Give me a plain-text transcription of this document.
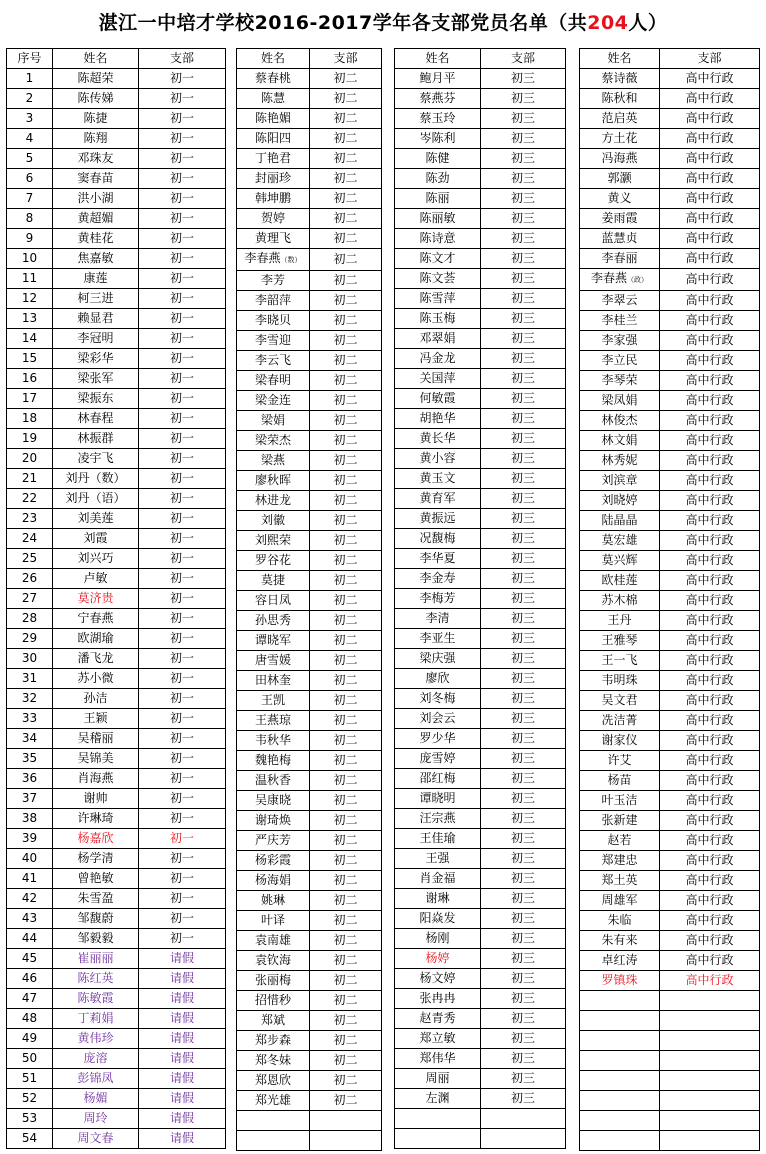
湛江一中培才学校2016-2017学年各支部党员名单（共204人）
序号	姓名	支部
1	陈超荣	初一
2	陈传娣	初一
3	陈捷	初一
4	陈翔	初一
5	邓珠友	初一
6	窦春苗	初一
7	洪小湖	初一
8	黄超媚	初一
9	黄桂花	初一
10	焦嘉敏	初一
11	康莲	初一
12	柯三进	初一
13	赖显君	初一
14	李冠明	初一
15	梁彩华	初一
16	梁张军	初一
17	梁振东	初一
18	林春程	初一
19	林振群	初一
20	凌宇飞	初一
21	刘丹（数）	初一
22	刘丹（语）	初一
23	刘美莲	初一
24	刘霞	初一
25	刘兴巧	初一
26	卢敏	初一
27	莫济贵	初一
28	宁春燕	初一
29	欧湖瑜	初一
30	潘飞龙	初一
31	苏小微	初一
32	孙洁	初一
33	王颖	初一
34	吴稽丽	初一
35	吴锦美	初一
36	肖海燕	初一
37	谢帅	初一
38	许琳琦	初一
39	杨嘉欣	初一
40	杨学清	初一
41	曾艳敏	初一
42	朱雪盈	初一
43	邹馥蔚	初一
44	邹毅毅	初一
45	崔丽丽	请假
46	陈红英	请假
47	陈敏霞	请假
48	丁莉娟	请假
49	黄伟珍	请假
50	庞溶	请假
51	彭锦凤	请假
52	杨媚	请假
53	周玲	请假
54	周文春	请假
姓名	支部
蔡春桃	初二
陈慧	初二
陈艳媚	初二
陈阳四	初二
丁艳君	初二
封丽珍	初二
韩坤鹏	初二
贺婷	初二
黄理飞	初二
李春燕（数）	初二
李芳	初二
李韶萍	初二
李晓贝	初二
李雪迎	初二
李云飞	初二
梁春明	初二
梁金连	初二
梁娟	初二
梁荣杰	初二
梁燕	初二
廖秋晖	初二
林进龙	初二
刘徽	初二
刘熙荣	初二
罗谷花	初二
莫捷	初二
容日凤	初二
孙思秀	初二
谭晓军	初二
唐雪媛	初二
田林奎	初二
王凯	初二
王燕琼	初二
韦秋华	初二
魏艳梅	初二
温秋香	初二
吴康晓	初二
谢琦焕	初二
严庆芳	初二
杨彩霞	初二
杨海娟	初二
姚琳	初二
叶译	初二
袁南雄	初二
袁钦海	初二
张丽梅	初二
招惜秒	初二
郑斌	初二
郑步森	初二
郑冬妹	初二
郑恩欣	初二
郑光雄	初二

姓名	支部
鲍月平	初三
蔡燕芬	初三
蔡玉玲	初三
岑陈利	初三
陈健	初三
陈劲	初三
陈丽	初三
陈丽敏	初三
陈诗意	初三
陈文才	初三
陈文荟	初三
陈雪萍	初三
陈玉梅	初三
邓翠娟	初三
冯金龙	初三
关国萍	初三
何敏霞	初三
胡艳华	初三
黄长华	初三
黄小容	初三
黄玉文	初三
黄育军	初三
黄振远	初三
况馥梅	初三
李华夏	初三
李金寿	初三
李梅芳	初三
李清	初三
李亚生	初三
梁庆强	初三
廖欣	初三
刘冬梅	初三
刘会云	初三
罗少华	初三
庞雪婷	初三
邵红梅	初三
谭晓明	初三
汪宗燕	初三
王佳瑜	初三
王强	初三
肖金福	初三
谢琳	初三
阳焱发	初三
杨刚	初三
杨婷	初三
杨文婷	初三
张冉冉	初三
赵青秀	初三
郑立敏	初三
郑伟华	初三
周丽	初三
左渊	初三

姓名	支部
蔡诗薇	高中行政
陈秋和	高中行政
范启英	高中行政
方土花	高中行政
冯海燕	高中行政
郭灏	高中行政
黄义	高中行政
姜雨霞	高中行政
蓝慧贞	高中行政
李春丽	高中行政
李春燕（政）	高中行政
李翠云	高中行政
李桂兰	高中行政
李家强	高中行政
李立民	高中行政
李琴荣	高中行政
梁凤娟	高中行政
林俊杰	高中行政
林文娟	高中行政
林秀妮	高中行政
刘滨章	高中行政
刘晓婷	高中行政
陆晶晶	高中行政
莫宏雄	高中行政
莫兴辉	高中行政
欧桂莲	高中行政
苏木棉	高中行政
王丹	高中行政
王雅琴	高中行政
王一飞	高中行政
韦明珠	高中行政
吴文君	高中行政
冼洁菁	高中行政
谢家仪	高中行政
许艾	高中行政
杨苗	高中行政
叶玉洁	高中行政
张新建	高中行政
赵若	高中行政
郑建忠	高中行政
郑土英	高中行政
周雄军	高中行政
朱临	高中行政
朱有来	高中行政
卓红涛	高中行政
罗镇珠	高中行政
